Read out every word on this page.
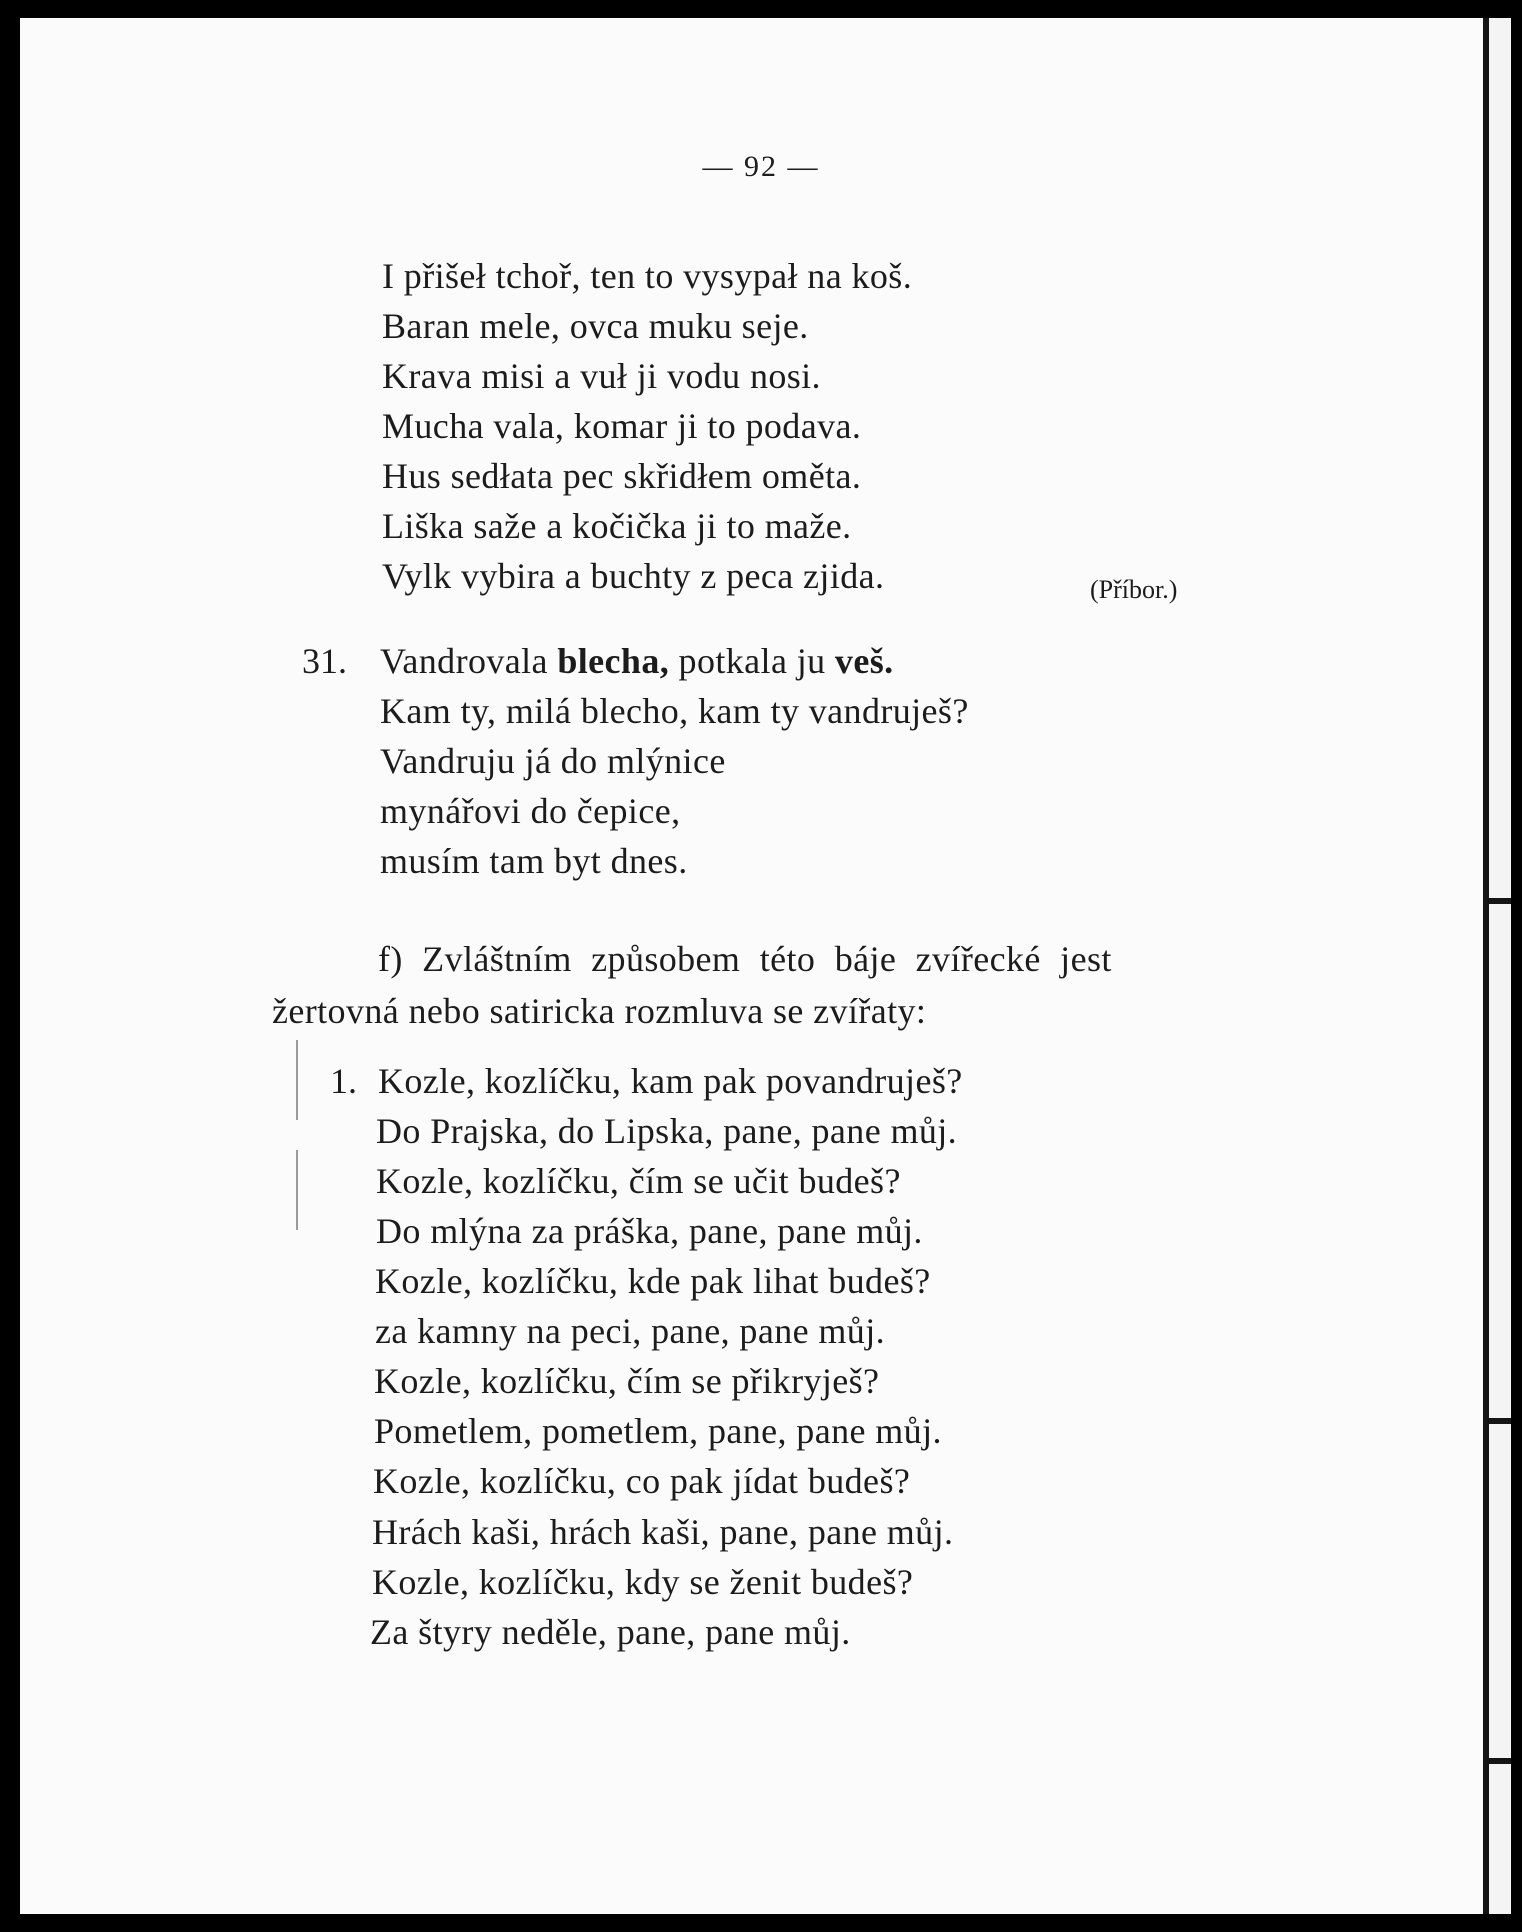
— 92 —
I přišeł tchoř, ten to vysypał na koš.
Baran mele, ovca muku seje.
Krava misi a vuł ji vodu nosi.
Mucha vala, komar ji to podava.
Hus sedłata pec skřidłem oměta.
Liška saže a kočička ji to maže.
Vylk vybira a buchty z peca zjida.	(Příbor.)
31. Vandrovala blecha, potkala ju veš.
Kam ty, milá blecho, kam ty vandruješ?
Vandruju já do mlýnice
mynářovi do čepice,
musím tam byt dnes.
f) Zvláštním způsobem této báje zvířecké jest
žertovná nebo satiricka rozmluva se zvířaty:
1. Kozle, kozlíčku, kam pak povandruješ?
Do Prajska, do Lipska, pane, pane můj.
Kozle, kozlíčku, čím se učit budeš?
Do mlýna za práška, pane, pane můj.
Kozle, kozlíčku, kde pak lihat budeš?
za kamny na peci, pane, pane můj.
Kozle, kozlíčku, čím se přikryješ?
Pometlem, pometlem, pane, pane můj.
Kozle, kozlíčku, co pak jídat budeš?
Hrách kaši, hrách kaši, pane, pane můj.
Kozle, kozlíčku, kdy se ženit budeš?
Za štyry neděle, pane, pane můj.
